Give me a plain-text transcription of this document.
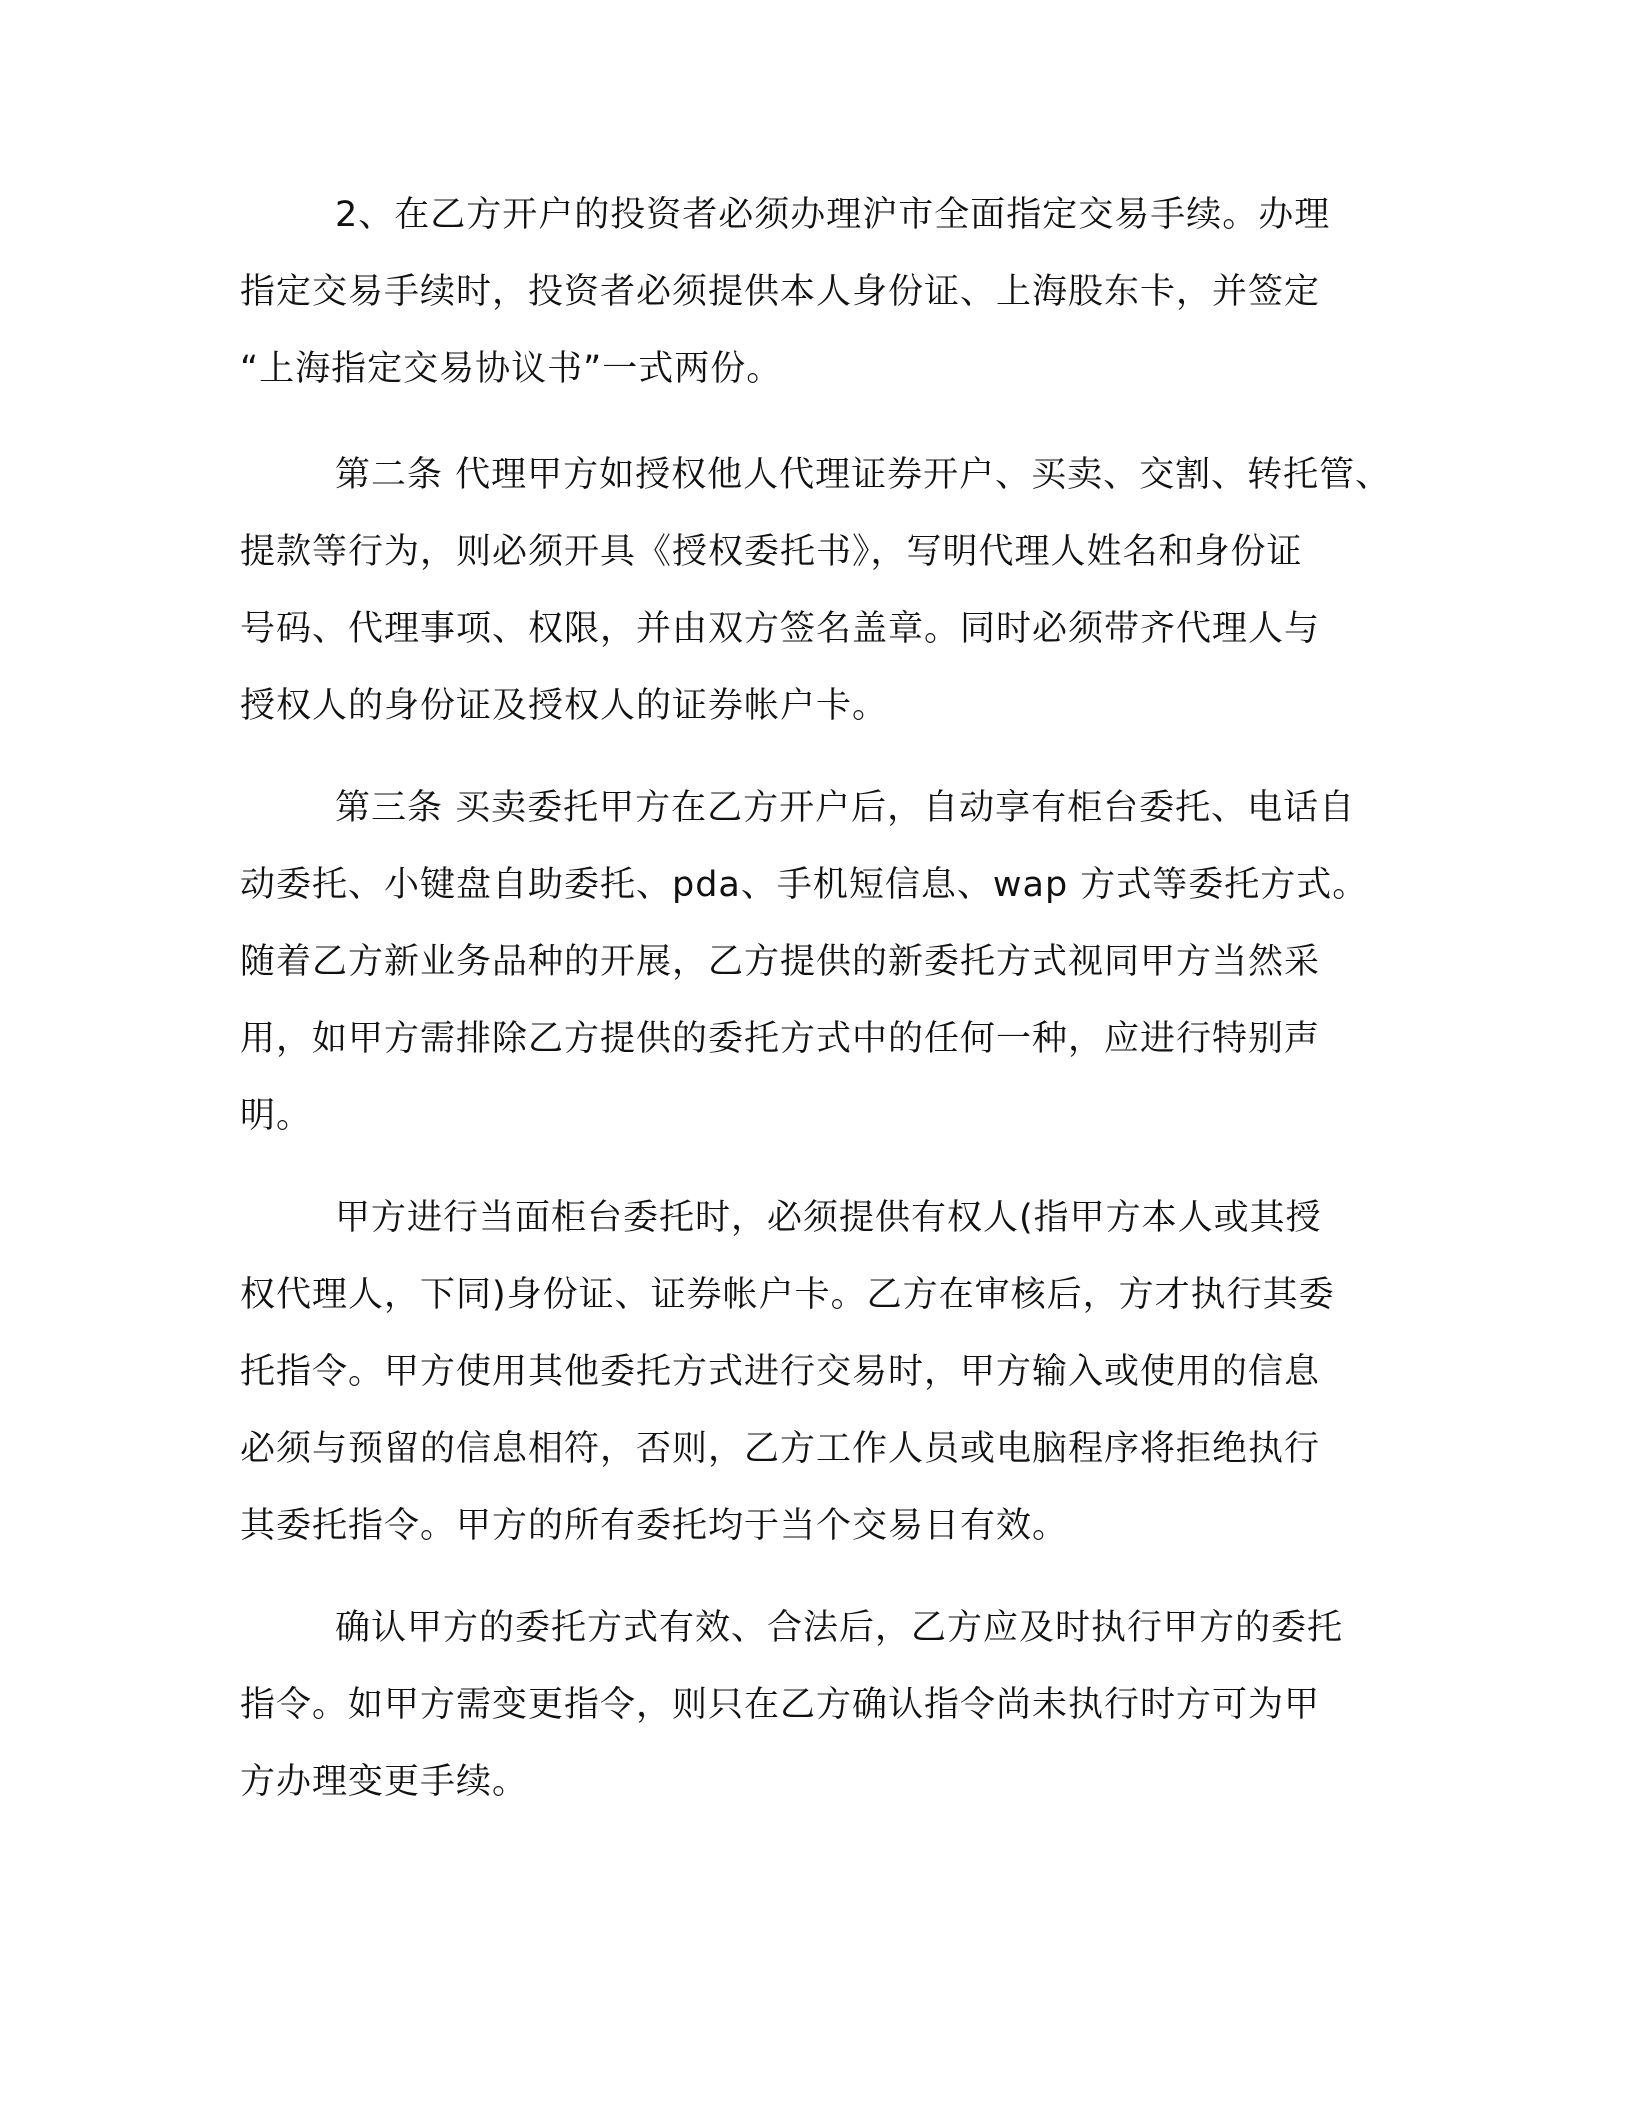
2、在乙方开户的投资者必须办理沪市全面指定交易手续。办理
指定交易手续时，投资者必须提供本人身份证、上海股东卡，并签定
“上海指定交易协议书”一式两份。
第二条 代理甲方如授权他人代理证券开户、买卖、交割、转托管、
提款等行为，则必须开具《授权委托书》，写明代理人姓名和身份证
号码、代理事项、权限，并由双方签名盖章。同时必须带齐代理人与
授权人的身份证及授权人的证券帐户卡。
第三条 买卖委托甲方在乙方开户后，自动享有柜台委托、电话自
动委托、小键盘自助委托、pda、手机短信息、wap 方式等委托方式。
随着乙方新业务品种的开展，乙方提供的新委托方式视同甲方当然采
用，如甲方需排除乙方提供的委托方式中的任何一种，应进行特别声
明。
甲方进行当面柜台委托时，必须提供有权人(指甲方本人或其授
权代理人，下同)身份证、证券帐户卡。乙方在审核后，方才执行其委
托指令。甲方使用其他委托方式进行交易时，甲方输入或使用的信息
必须与预留的信息相符，否则，乙方工作人员或电脑程序将拒绝执行
其委托指令。甲方的所有委托均于当个交易日有效。
确认甲方的委托方式有效、合法后，乙方应及时执行甲方的委托
指令。如甲方需变更指令，则只在乙方确认指令尚未执行时方可为甲
方办理变更手续。
